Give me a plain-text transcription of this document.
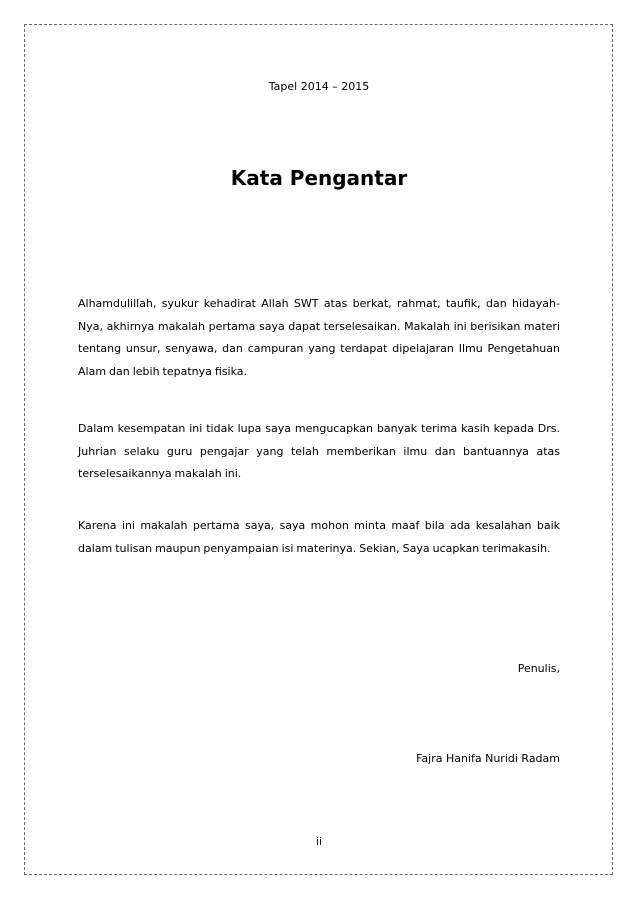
Tapel 2014 – 2015
Kata Pengantar

Alhamdulillah, syukur kehadirat Allah SWT atas berkat, rahmat, taufik, dan hidayah-Nya, akhirnya makalah pertama saya dapat terselesaikan. Makalah ini berisikan materi tentang unsur, senyawa, dan campuran yang terdapat dipelajaran Ilmu Pengetahuan Alam dan lebih tepatnya fisika.

Dalam kesempatan ini tidak lupa saya mengucapkan banyak terima kasih kepada Drs. Juhrian selaku guru pengajar yang telah memberikan ilmu dan bantuannya atas terselesaikannya makalah ini.

Karena ini makalah pertama saya, saya mohon minta maaf bila ada kesalahan baik dalam tulisan maupun penyampaian isi materinya. Sekian, Saya ucapkan terimakasih.

Penulis,
Fajra Hanifa Nuridi Radam
ii
